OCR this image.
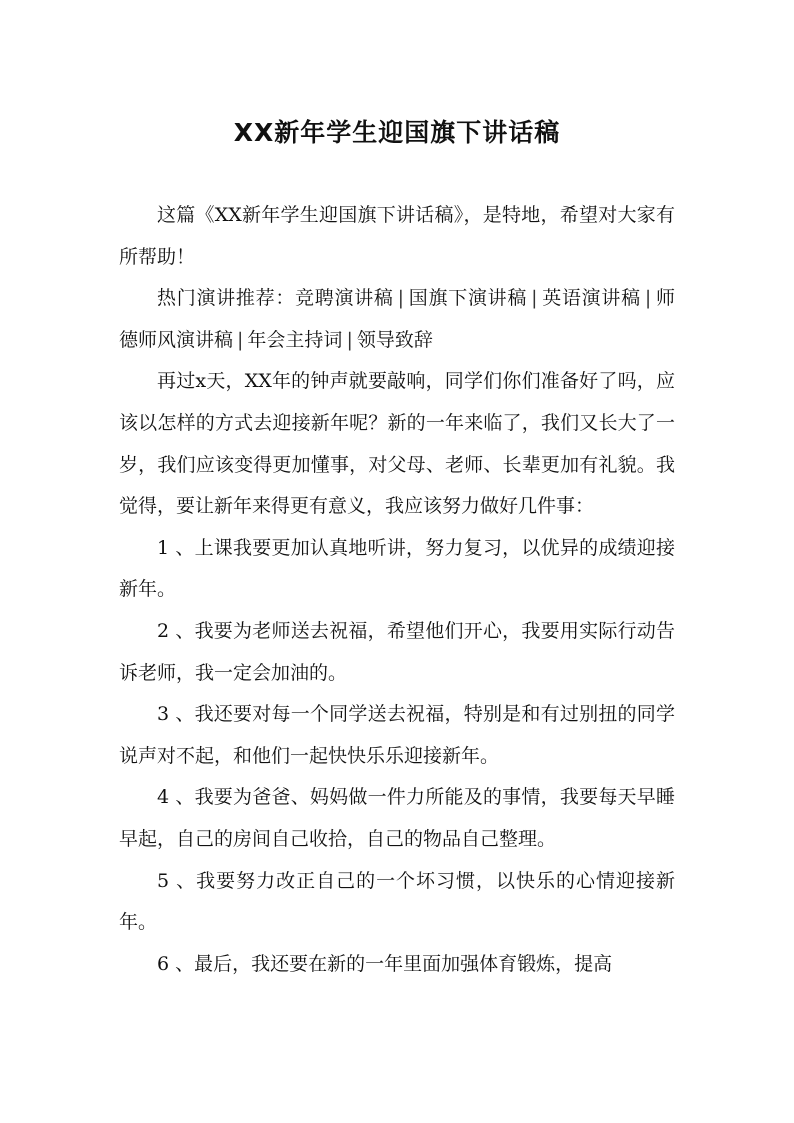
XX新年学生迎国旗下讲话稿

这篇《XX新年学生迎国旗下讲话稿》，是特地，希望对大家有所帮助！

热门演讲推荐：竞聘演讲稿 | 国旗下演讲稿 | 英语演讲稿 | 师德师风演讲稿 | 年会主持词 | 领导致辞

再过x天，XX年的钟声就要敲响，同学们你们准备好了吗，应该以怎样的方式去迎接新年呢？新的一年来临了，我们又长大了一岁，我们应该变得更加懂事，对父母、老师、长辈更加有礼貌。我觉得，要让新年来得更有意义，我应该努力做好几件事：

1 、上课我要更加认真地听讲，努力复习，以优异的成绩迎接新年。

2 、我要为老师送去祝福，希望他们开心，我要用实际行动告诉老师，我一定会加油的。

3 、我还要对每一个同学送去祝福，特别是和有过别扭的同学说声对不起，和他们一起快快乐乐迎接新年。

4 、我要为爸爸、妈妈做一件力所能及的事情，我要每天早睡早起，自己的房间自己收拾，自己的物品自己整理。

5 、我要努力改正自己的一个坏习惯，以快乐的心情迎接新年。

6 、最后，我还要在新的一年里面加强体育锻炼，提高
